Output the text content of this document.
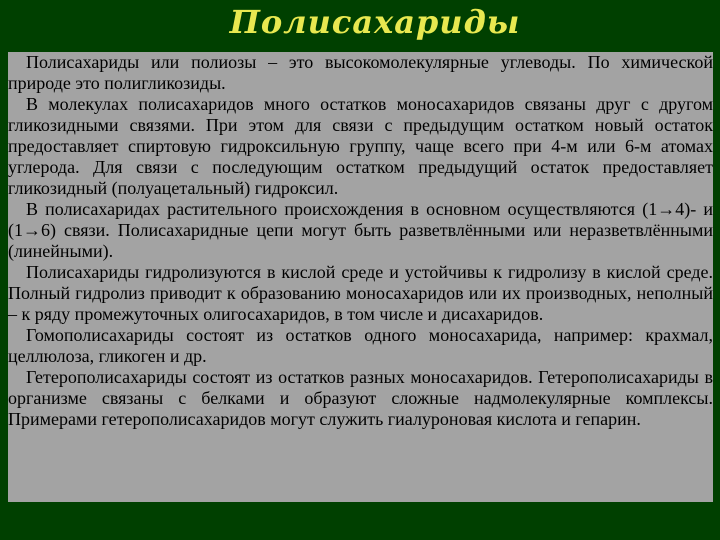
Полисахариды

Полисахариды или полиозы – это высокомолекулярные углеводы. По химической природе это полигликозиды.

В молекулах полисахаридов много остатков моносахаридов связаны друг с другом гликозидными связями. При этом для связи с предыдущим остатком новый остаток предоставляет спиртовую гидроксильную группу, чаще всего при 4-м или 6-м атомах углерода. Для связи с последующим остатком предыдущий остаток предоставляет гликозидный (полуацетальный) гидроксил.

В полисахаридах растительного происхождения в основном осуществляются (1→4)- и (1→6) связи. Полисахаридные цепи могут быть разветвлёнными или неразветвлёнными (линейными).

Полисахариды гидролизуются в кислой среде и устойчивы к гидролизу в кислой среде. Полный гидролиз приводит к образованию моносахаридов или их производных, неполный – к ряду промежуточных олигосахаридов, в том числе и дисахаридов.

Гомополисахариды состоят из остатков одного моносахарида, например: крахмал, целлюлоза, гликоген и др.

Гетерополисахариды состоят из остатков разных моносахаридов. Гетерополисахариды в организме связаны с белками и образуют сложные надмолекулярные комплексы. Примерами гетерополисахаридов могут служить гиалуроновая кислота и гепарин.
